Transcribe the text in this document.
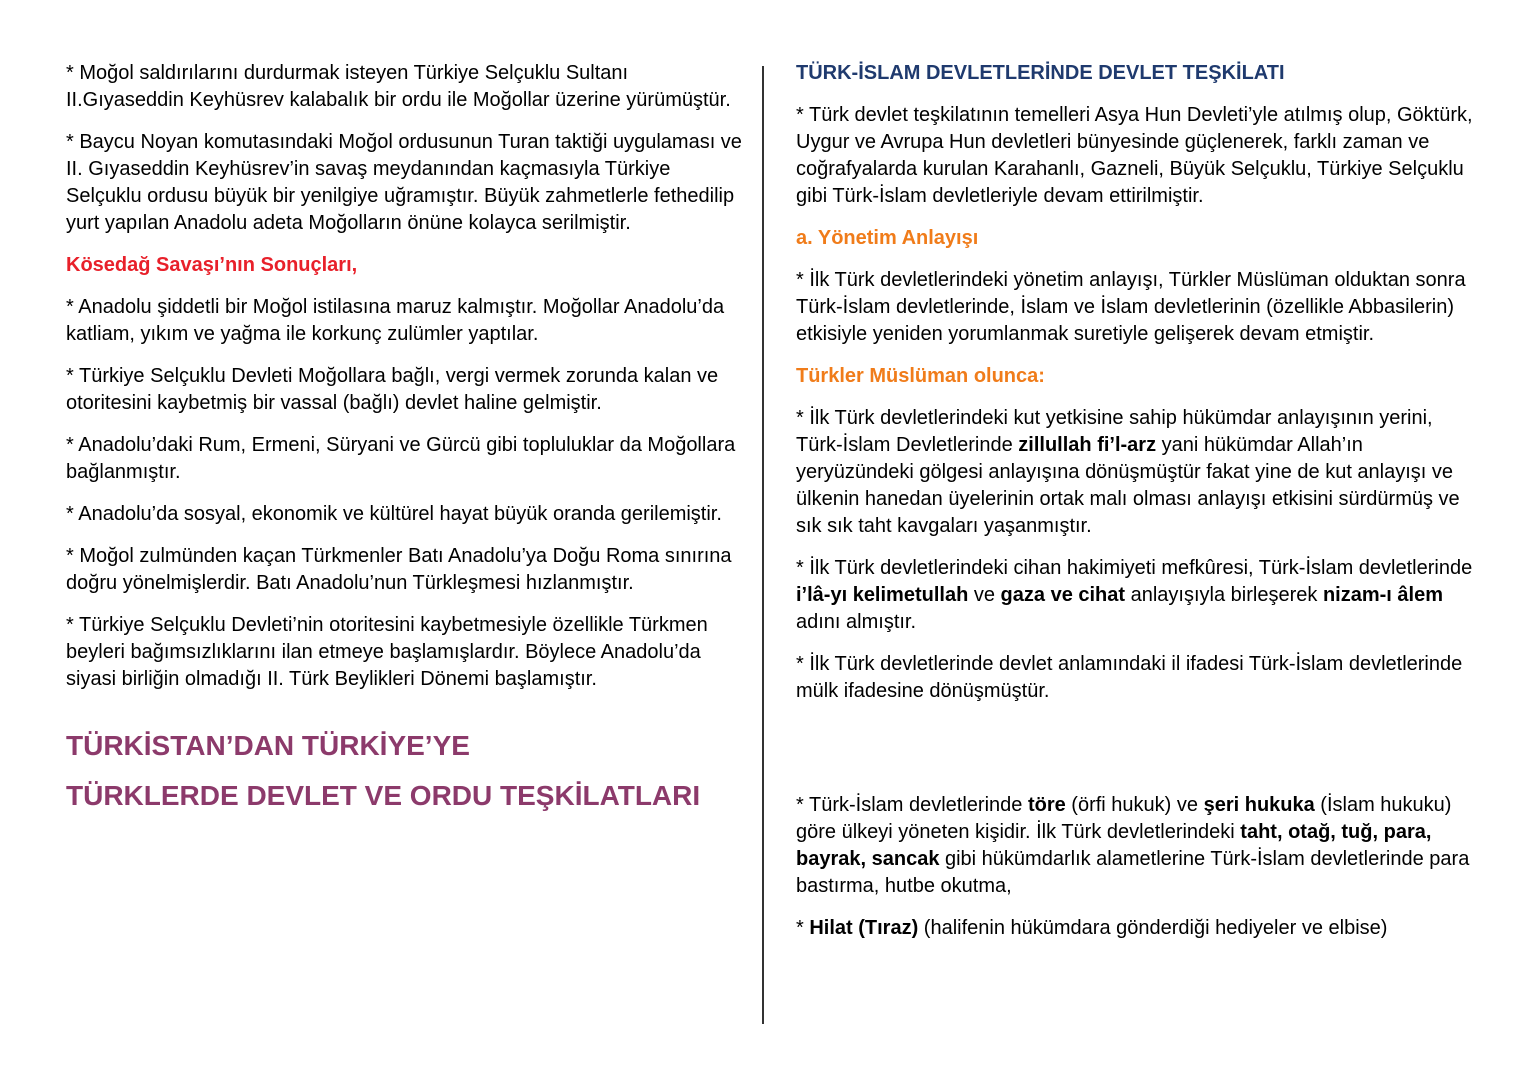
* Moğol saldırılarını durdurmak isteyen Türkiye Selçuklu Sultanı II.Gıyaseddin Keyhüsrev kalabalık bir ordu ile Moğollar üzerine yürümüştür.

* Baycu Noyan komutasındaki Moğol ordusunun Turan taktiği uygulaması ve II. Gıyaseddin Keyhüsrev’in savaş meydanından kaçmasıyla Türkiye Selçuklu ordusu büyük bir yenilgiye uğramıştır. Büyük zahmetlerle fethedilip yurt yapılan Anadolu adeta Moğolların önüne kolayca serilmiştir.

Kösedağ Savaşı’nın Sonuçları,

* Anadolu şiddetli bir Moğol istilasına maruz kalmıştır. Moğollar Anadolu’da katliam, yıkım ve yağma ile korkunç zulümler yaptılar.

* Türkiye Selçuklu Devleti Moğollara bağlı, vergi vermek zorunda kalan ve otoritesini kaybetmiş bir vassal (bağlı) devlet haline gelmiştir.

* Anadolu’daki Rum, Ermeni, Süryani ve Gürcü gibi topluluklar da Moğollara bağlanmıştır.

* Anadolu’da sosyal, ekonomik ve kültürel hayat büyük oranda gerilemiştir.

* Moğol zulmünden kaçan Türkmenler Batı Anadolu’ya Doğu Roma sınırına doğru yönelmişlerdir. Batı Anadolu’nun Türkleşmesi hızlanmıştır.

* Türkiye Selçuklu Devleti’nin otoritesini kaybetmesiyle özellikle Türkmen beyleri bağımsızlıklarını ilan etmeye başlamışlardır. Böylece Anadolu’da siyasi birliğin olmadığı II. Türk Beylikleri Dönemi başlamıştır.

TÜRKİSTAN’DAN TÜRKİYE’YE
TÜRKLERDE DEVLET VE ORDU TEŞKİLATLARI
TÜRK-İSLAM DEVLETLERİNDE DEVLET TEŞKİLATI

* Türk devlet teşkilatının temelleri Asya Hun Devleti’yle atılmış olup, Göktürk, Uygur ve Avrupa Hun devletleri bünyesinde güçlenerek, farklı zaman ve coğrafyalarda kurulan Karahanlı, Gazneli, Büyük Selçuklu, Türkiye Selçuklu gibi Türk-İslam devletleriyle devam ettirilmiştir.

a. Yönetim Anlayışı

* İlk Türk devletlerindeki yönetim anlayışı, Türkler Müslüman olduktan sonra Türk-İslam devletlerinde, İslam ve İslam devletlerinin (özellikle Abbasilerin) etkisiyle yeniden yorumlanmak suretiyle gelişerek devam etmiştir.

Türkler Müslüman olunca:

* İlk Türk devletlerindeki kut yetkisine sahip hükümdar anlayışının yerini, Türk-İslam Devletlerinde zillullah fi’l-arz yani hükümdar Allah’ın yeryüzündeki gölgesi anlayışına dönüşmüştür fakat yine de kut anlayışı ve ülkenin hanedan üyelerinin ortak malı olması anlayışı etkisini sürdürmüş ve sık sık taht kavgaları yaşanmıştır.

* İlk Türk devletlerindeki cihan hakimiyeti mefkûresi, Türk-İslam devletlerinde i’lâ-yı kelimetullah ve gaza ve cihat anlayışıyla birleşerek nizam-ı âlem adını almıştır.

* İlk Türk devletlerinde devlet anlamındaki il ifadesi Türk-İslam devletlerinde mülk ifadesine dönüşmüştür.

* Türk-İslam devletlerinde töre (örfi hukuk) ve şeri hukuka (İslam hukuku) göre ülkeyi yöneten kişidir. İlk Türk devletlerindeki taht, otağ, tuğ, para, bayrak, sancak gibi hükümdarlık alametlerine Türk-İslam devletlerinde para bastırma, hutbe okutma,

* Hilat (Tıraz) (halifenin hükümdara gönderdiği hediyeler ve elbise)
